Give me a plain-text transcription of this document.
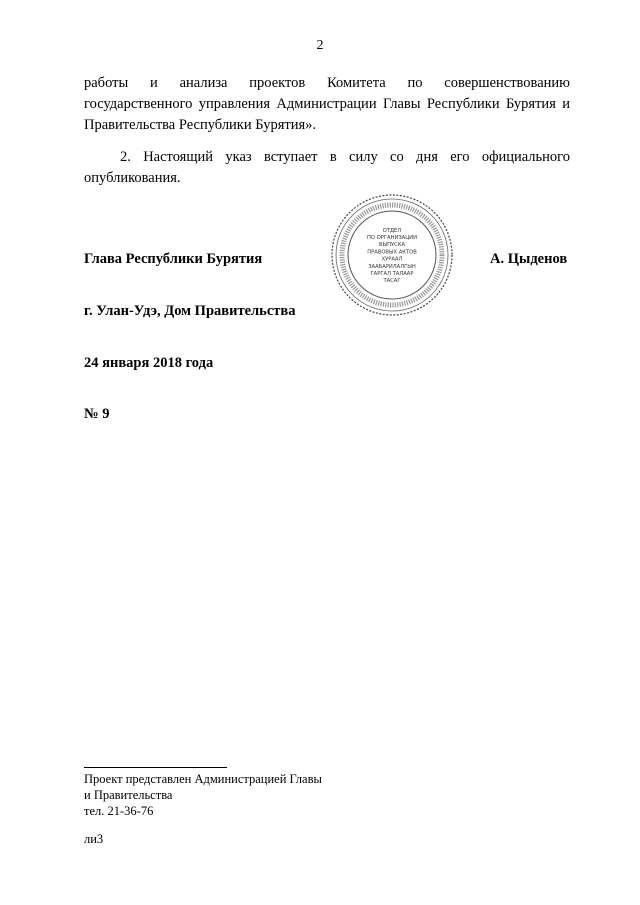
2
работы и анализа проектов Комитета по совершенствованию государственного управления Администрации Главы Республики Бурятия и Правительства Республики Бурятия».
2. Настоящий указ вступает в силу со дня его официального опубликования.
ОТДЕЛ
ПО ОРГАНИЗАЦИИ
ВЫПУСКА
ПРАВОВЫХ АКТОВ
ХУРААЛ
ЗААБАРИЛАЛГЫН
ГАРГАЛ ТАЛААР
ТАСАГ
Глава Республики Бурятия	А. Цыденов
г. Улан-Удэ, Дом Правительства
24 января 2018 года
№ 9
Проект представлен Администрацией Главы
и Правительства
тел. 21-36-76
ли3
